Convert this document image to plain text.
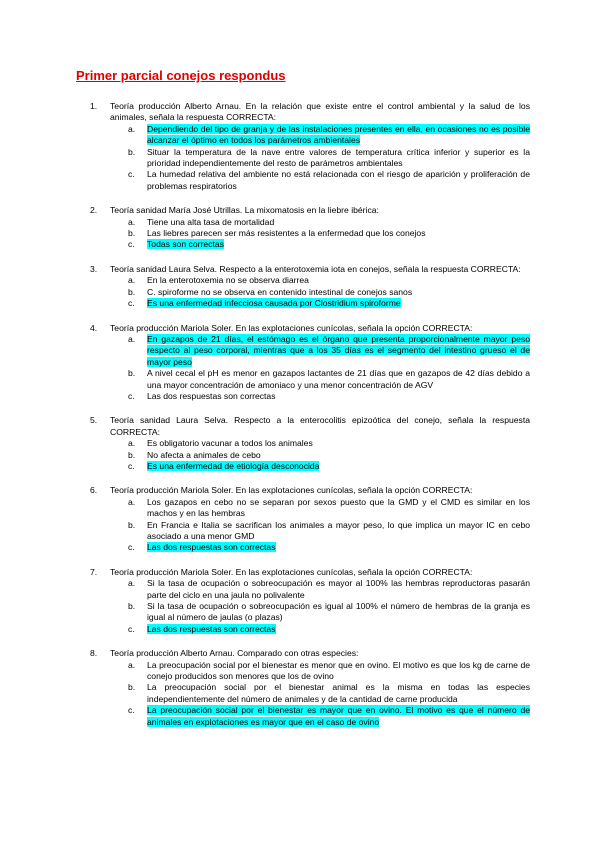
Primer parcial conejos respondus
1.	Teoría producción Alberto Arnau. En la relación que existe entre el control ambiental y la salud de los animales, señala la respuesta CORRECTA:
a.	Dependiendo del tipo de granja y de las instalaciones presentes en ella, en ocasiones no es posible alcanzar el óptimo en todos los parámetros ambientales
b.	Situar la temperatura de la nave entre valores de temperatura crítica inferior y superior es la prioridad independientemente del resto de parámetros ambientales
c.	La humedad relativa del ambiente no está relacionada con el riesgo de aparición y proliferación de problemas respiratorios
2.	Teoría sanidad María José Utrillas. La mixomatosis en la liebre ibérica:
a.	Tiene una alta tasa de mortalidad
b.	Las liebres parecen ser más resistentes a la enfermedad que los conejos
c.	Todas son correctas
3.	Teoría sanidad Laura Selva. Respecto a la enterotoxemia iota en conejos, señala la respuesta CORRECTA:
a.	En la enterotoxemia no se observa diarrea
b.	C. spiroforme no se observa en contenido intestinal de conejos sanos
c.	Es una enfermedad infecciosa causada por Clostridium spiroforme
4.	Teoría producción Mariola Soler. En las explotaciones cunícolas, señala la opción CORRECTA:
a.	En gazapos de 21 días, el estómago es el órgano que presenta proporcionalmente mayor peso respecto al peso corporal, mientras que a los 35 días es el segmento del intestino grueso el de mayor peso
b.	A nivel cecal el pH es menor en gazapos lactantes de 21 días que en gazapos de 42 días debido a una mayor concentración de amoniaco y una menor concentración de AGV
c.	Las dos respuestas son correctas
5.	Teoría sanidad Laura Selva. Respecto a la enterocolitis epizoótica del conejo, señala la respuesta CORRECTA:
a.	Es obligatorio vacunar a todos los animales
b.	No afecta a animales de cebo
c.	Es una enfermedad de etiología desconocida
6.	Teoría producción Mariola Soler. En las explotaciones cunícolas, señala la opción CORRECTA:
a.	Los gazapos en cebo no se separan por sexos puesto que la GMD y el CMD es similar en los machos y en las hembras
b.	En Francia e Italia se sacrifican los animales a mayor peso, lo que implica un mayor IC en cebo asociado a una menor GMD
c.	Las dos respuestas son correctas
7.	Teoría producción Mariola Soler. En las explotaciones cunícolas, señala la opción CORRECTA:
a.	Si la tasa de ocupación o sobreocupación es mayor al 100% las hembras reproductoras pasarán parte del ciclo en una jaula no polivalente
b.	Si la tasa de ocupación o sobreocupación es igual al 100% el número de hembras de la granja es igual al número de jaulas (o plazas)
c.	Las dos respuestas son correctas
8.	Teoría producción Alberto Arnau. Comparado con otras especies:
a.	La preocupación social por el bienestar es menor que en ovino. El motivo es que los kg de carne de conejo producidos son menores que los de ovino
b.	La preocupación social por el bienestar animal es la misma en todas las especies independientemente del número de animales y de la cantidad de carne producida
c.	La preocupación social por el bienestar es mayor que en ovino. El motivo es que el número de animales en explotaciones es mayor que en el caso de ovino
